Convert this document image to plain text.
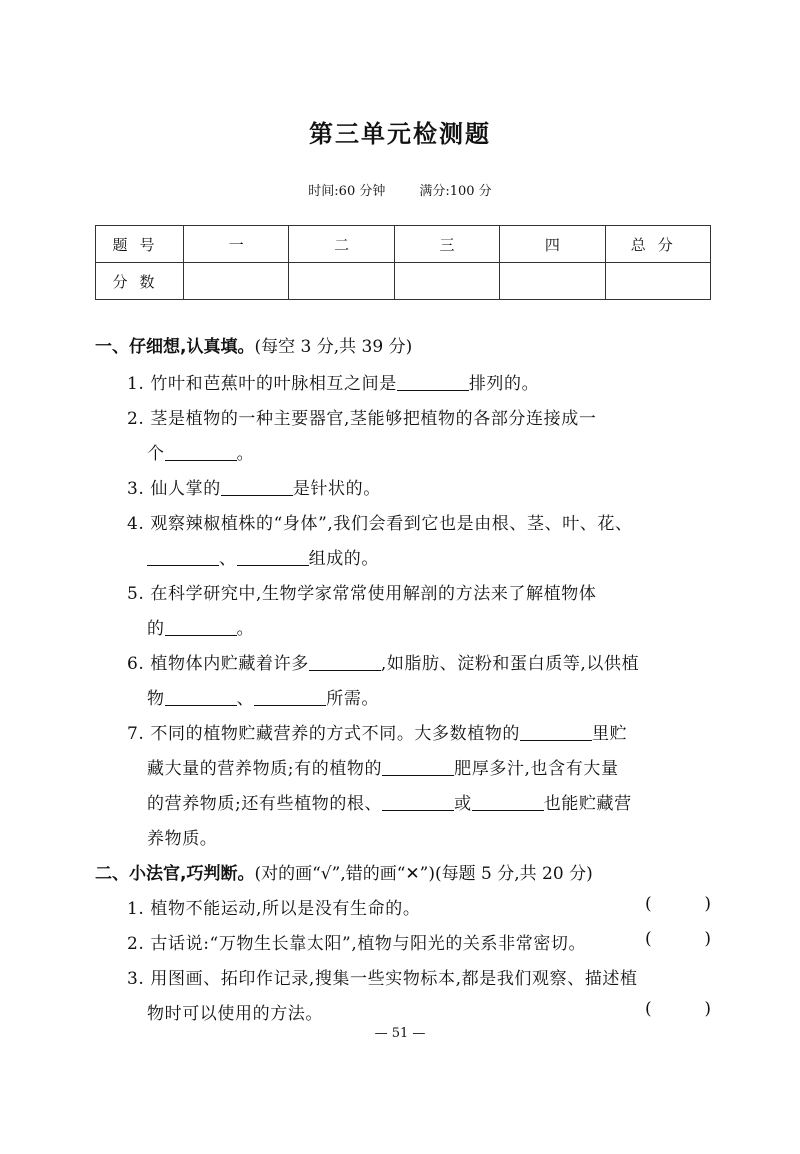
第三单元检测题
时间:60 分钟	满分:100 分
题号	一	二	三	四	总分
分数					
一、仔细想,认真填。(每空 3 分,共 39 分)
1. 竹叶和芭蕉叶的叶脉相互之间是	排列的。
2. 茎是植物的一种主要器官,茎能够把植物的各部分连接成一
个	。
3. 仙人掌的	是针状的。
4. 观察辣椒植株的“身体”,我们会看到它也是由根、茎、叶、花、
、	组成的。
5. 在科学研究中,生物学家常常使用解剖的方法来了解植物体
的	。
6. 植物体内贮藏着许多	,如脂肪、淀粉和蛋白质等,以供植
物	、	所需。
7. 不同的植物贮藏营养的方式不同。大多数植物的	里贮
藏大量的营养物质;有的植物的	肥厚多汁,也含有大量
的营养物质;还有些植物的根、	或	也能贮藏营
养物质。
二、小法官,巧判断。(对的画“√”,错的画“✕”)(每题 5 分,共 20 分)
1. 植物不能运动,所以是没有生命的。	(	)
2. 古话说:“万物生长靠太阳”,植物与阳光的关系非常密切。	(	)
3. 用图画、拓印作记录,搜集一些实物标本,都是我们观察、描述植
物时可以使用的方法。	(	)
— 51 —
